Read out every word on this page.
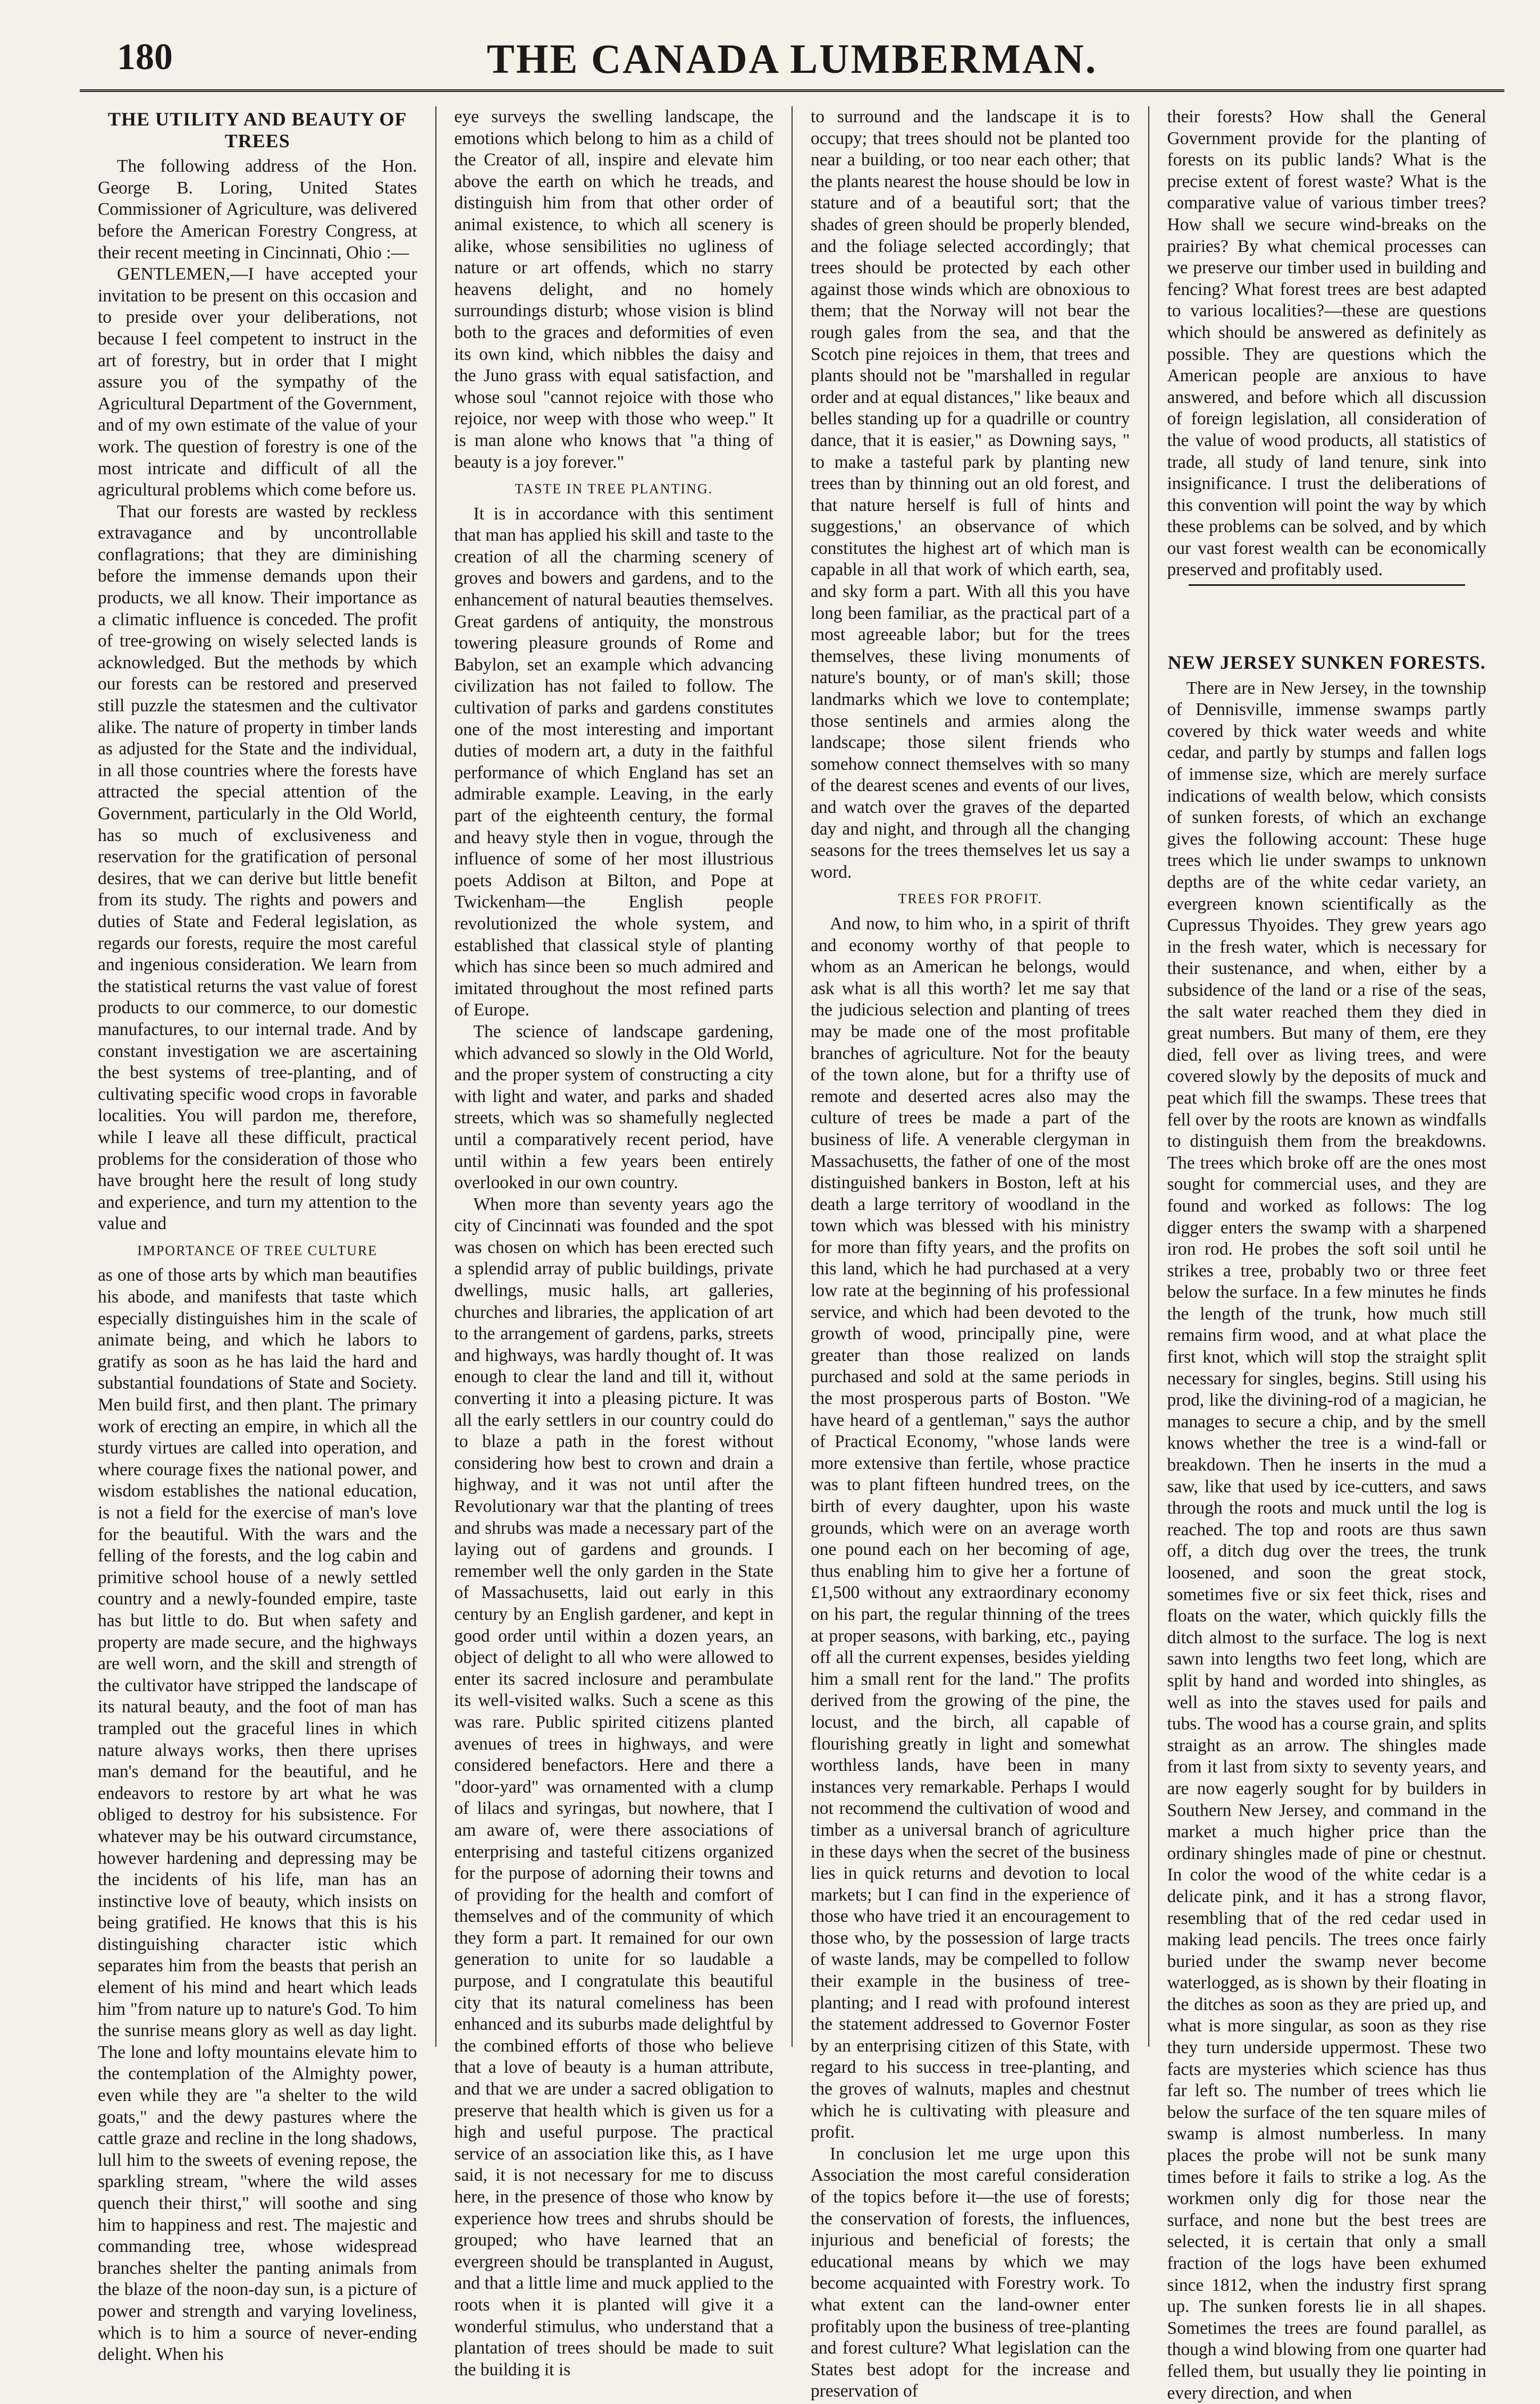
180	THE CANADA LUMBERMAN.
THE UTILITY AND BEAUTY OF TREES

The following address of the Hon. George B. Loring, United States Commissioner of Agriculture, was delivered before the American Forestry Congress, at their recent meeting in Cincinnati, Ohio :—

GENTLEMEN,—I have accepted your invitation to be present on this occasion and to preside over your deliberations, not because I feel competent to instruct in the art of forestry, but in order that I might assure you of the sympathy of the Agricultural Department of the Government, and of my own estimate of the value of your work. The question of forestry is one of the most intricate and difficult of all the agricultural problems which come before us.

That our forests are wasted by reckless extravagance and by uncontrollable conflagrations; that they are diminishing before the immense demands upon their products, we all know. Their importance as a climatic influence is conceded. The profit of tree-growing on wisely selected lands is acknowledged. But the methods by which our forests can be restored and preserved still puzzle the statesmen and the cultivator alike. The nature of property in timber lands as adjusted for the State and the individual, in all those countries where the forests have attracted the special attention of the Government, particularly in the Old World, has so much of exclusiveness and reservation for the gratification of personal desires, that we can derive but little benefit from its study. The rights and powers and duties of State and Federal legislation, as regards our forests, require the most careful and ingenious consideration. We learn from the statistical returns the vast value of forest products to our commerce, to our domestic manufactures, to our internal trade. And by constant investigation we are ascertaining the best systems of tree-planting, and of cultivating specific wood crops in favorable localities. You will pardon me, therefore, while I leave all these difficult, practical problems for the consideration of those who have brought here the result of long study and experience, and turn my attention to the value and

IMPORTANCE OF TREE CULTURE

as one of those arts by which man beautifies his abode, and manifests that taste which especially distinguishes him in the scale of animate being, and which he labors to gratify as soon as he has laid the hard and substantial foundations of State and Society. Men build first, and then plant. The primary work of erecting an empire, in which all the sturdy virtues are called into operation, and where courage fixes the national power, and wisdom establishes the national education, is not a field for the exercise of man's love for the beautiful. With the wars and the felling of the forests, and the log cabin and primitive school house of a newly settled country and a newly-founded empire, taste has but little to do. But when safety and property are made secure, and the highways are well worn, and the skill and strength of the cultivator have stripped the landscape of its natural beauty, and the foot of man has trampled out the graceful lines in which nature always works, then there uprises man's demand for the beautiful, and he endeavors to restore by art what he was obliged to destroy for his subsistence. For whatever may be his outward circumstance, however hardening and depressing may be the incidents of his life, man has an instinctive love of beauty, which insists on being gratified. He knows that this is his distinguishing character istic which separates him from the beasts that perish an element of his mind and heart which leads him "from nature up to nature's God. To him the sunrise means glory as well as day light. The lone and lofty mountains elevate him to the contemplation of the Almighty power, even while they are "a shelter to the wild goats," and the dewy pastures where the cattle graze and recline in the long shadows, lull him to the sweets of evening repose, the sparkling stream, "where the wild asses quench their thirst," will soothe and sing him to happiness and rest. The majestic and commanding tree, whose widespread branches shelter the panting animals from the blaze of the noon-day sun, is a picture of power and strength and varying loveliness, which is to him a source of never-ending delight. When his

eye surveys the swelling landscape, the emotions which belong to him as a child of the Creator of all, inspire and elevate him above the earth on which he treads, and distinguish him from that other order of animal existence, to which all scenery is alike, whose sensibilities no ugliness of nature or art offends, which no starry heavens delight, and no homely surroundings disturb; whose vision is blind both to the graces and deformities of even its own kind, which nibbles the daisy and the Juno grass with equal satisfaction, and whose soul "cannot rejoice with those who rejoice, nor weep with those who weep." It is man alone who knows that "a thing of beauty is a joy forever."

TASTE IN TREE PLANTING.

It is in accordance with this sentiment that man has applied his skill and taste to the creation of all the charming scenery of groves and bowers and gardens, and to the enhancement of natural beauties themselves. Great gardens of antiquity, the monstrous towering pleasure grounds of Rome and Babylon, set an example which advancing civilization has not failed to follow. The cultivation of parks and gardens constitutes one of the most interesting and important duties of modern art, a duty in the faithful performance of which England has set an admirable example. Leaving, in the early part of the eighteenth century, the formal and heavy style then in vogue, through the influence of some of her most illustrious poets Addison at Bilton, and Pope at Twickenham—the English people revolutionized the whole system, and established that classical style of planting which has since been so much admired and imitated throughout the most refined parts of Europe.

The science of landscape gardening, which advanced so slowly in the Old World, and the proper system of constructing a city with light and water, and parks and shaded streets, which was so shamefully neglected until a comparatively recent period, have until within a few years been entirely overlooked in our own country.

When more than seventy years ago the city of Cincinnati was founded and the spot was chosen on which has been erected such a splendid array of public buildings, private dwellings, music halls, art galleries, churches and libraries, the application of art to the arrangement of gardens, parks, streets and highways, was hardly thought of. It was enough to clear the land and till it, without converting it into a pleasing picture. It was all the early settlers in our country could do to blaze a path in the forest without considering how best to crown and drain a highway, and it was not until after the Revolutionary war that the planting of trees and shrubs was made a necessary part of the laying out of gardens and grounds. I remember well the only garden in the State of Massachusetts, laid out early in this century by an English gardener, and kept in good order until within a dozen years, an object of delight to all who were allowed to enter its sacred inclosure and perambulate its well-visited walks. Such a scene as this was rare. Public spirited citizens planted avenues of trees in highways, and were considered benefactors. Here and there a "door-yard" was ornamented with a clump of lilacs and syringas, but nowhere, that I am aware of, were there associations of enterprising and tasteful citizens organized for the purpose of adorning their towns and of providing for the health and comfort of themselves and of the community of which they form a part. It remained for our own generation to unite for so laudable a purpose, and I congratulate this beautiful city that its natural comeliness has been enhanced and its suburbs made delightful by the combined efforts of those who believe that a love of beauty is a human attribute, and that we are under a sacred obligation to preserve that health which is given us for a high and useful purpose. The practical service of an association like this, as I have said, it is not necessary for me to discuss here, in the presence of those who know by experience how trees and shrubs should be grouped; who have learned that an evergreen should be transplanted in August, and that a little lime and muck applied to the roots when it is planted will give it a wonderful stimulus, who understand that a plantation of trees should be made to suit the building it is

to surround and the landscape it is to occupy; that trees should not be planted too near a building, or too near each other; that the plants nearest the house should be low in stature and of a beautiful sort; that the shades of green should be properly blended, and the foliage selected accordingly; that trees should be protected by each other against those winds which are obnoxious to them; that the Norway will not bear the rough gales from the sea, and that the Scotch pine rejoices in them, that trees and plants should not be "marshalled in regular order and at equal distances," like beaux and belles standing up for a quadrille or country dance, that it is easier," as Downing says, " to make a tasteful park by planting new trees than by thinning out an old forest, and that nature herself is full of hints and suggestions,' an observance of which constitutes the highest art of which man is capable in all that work of which earth, sea, and sky form a part. With all this you have long been familiar, as the practical part of a most agreeable labor; but for the trees themselves, these living monuments of nature's bounty, or of man's skill; those landmarks which we love to contemplate; those sentinels and armies along the landscape; those silent friends who somehow connect themselves with so many of the dearest scenes and events of our lives, and watch over the graves of the departed day and night, and through all the changing seasons for the trees themselves let us say a word.

TREES FOR PROFIT.

And now, to him who, in a spirit of thrift and economy worthy of that people to whom as an American he belongs, would ask what is all this worth? let me say that the judicious selection and planting of trees may be made one of the most profitable branches of agriculture. Not for the beauty of the town alone, but for a thrifty use of remote and deserted acres also may the culture of trees be made a part of the business of life. A venerable clergyman in Massachusetts, the father of one of the most distinguished bankers in Boston, left at his death a large territory of woodland in the town which was blessed with his ministry for more than fifty years, and the profits on this land, which he had purchased at a very low rate at the beginning of his professional service, and which had been devoted to the growth of wood, principally pine, were greater than those realized on lands purchased and sold at the same periods in the most prosperous parts of Boston. "We have heard of a gentleman," says the author of Practical Economy, "whose lands were more extensive than fertile, whose practice was to plant fifteen hundred trees, on the birth of every daughter, upon his waste grounds, which were on an average worth one pound each on her becoming of age, thus enabling him to give her a fortune of £1,500 without any extraordinary economy on his part, the regular thinning of the trees at proper seasons, with barking, etc., paying off all the current expenses, besides yielding him a small rent for the land." The profits derived from the growing of the pine, the locust, and the birch, all capable of flourishing greatly in light and somewhat worthless lands, have been in many instances very remarkable. Perhaps I would not recommend the cultivation of wood and timber as a universal branch of agriculture in these days when the secret of the business lies in quick returns and devotion to local markets; but I can find in the experience of those who have tried it an encouragement to those who, by the possession of large tracts of waste lands, may be compelled to follow their example in the business of tree-planting; and I read with profound interest the statement addressed to Governor Foster by an enterprising citizen of this State, with regard to his success in tree-planting, and the groves of walnuts, maples and chestnut which he is cultivating with pleasure and profit.

In conclusion let me urge upon this Association the most careful consideration of the topics before it—the use of forests; the conservation of forests, the influences, injurious and beneficial of forests; the educational means by which we may become acquainted with Forestry work. To what extent can the land-owner enter profitably upon the business of tree-planting and forest culture? What legislation can the States best adopt for the increase and preservation of

their forests? How shall the General Government provide for the planting of forests on its public lands? What is the precise extent of forest waste? What is the comparative value of various timber trees? How shall we secure wind-breaks on the prairies? By what chemical processes can we preserve our timber used in building and fencing? What forest trees are best adapted to various localities?—these are questions which should be answered as definitely as possible. They are questions which the American people are anxious to have answered, and before which all discussion of foreign legislation, all consideration of the value of wood products, all statistics of trade, all study of land tenure, sink into insignificance. I trust the deliberations of this convention will point the way by which these problems can be solved, and by which our vast forest wealth can be economically preserved and profitably used.

NEW JERSEY SUNKEN FORESTS.

There are in New Jersey, in the township of Dennisville, immense swamps partly covered by thick water weeds and white cedar, and partly by stumps and fallen logs of immense size, which are merely surface indications of wealth below, which consists of sunken forests, of which an exchange gives the following account: These huge trees which lie under swamps to unknown depths are of the white cedar variety, an evergreen known scientifically as the Cupressus Thyoides. They grew years ago in the fresh water, which is necessary for their sustenance, and when, either by a subsidence of the land or a rise of the seas, the salt water reached them they died in great numbers. But many of them, ere they died, fell over as living trees, and were covered slowly by the deposits of muck and peat which fill the swamps. These trees that fell over by the roots are known as windfalls to distinguish them from the breakdowns. The trees which broke off are the ones most sought for commercial uses, and they are found and worked as follows: The log digger enters the swamp with a sharpened iron rod. He probes the soft soil until he strikes a tree, probably two or three feet below the surface. In a few minutes he finds the length of the trunk, how much still remains firm wood, and at what place the first knot, which will stop the straight split necessary for singles, begins. Still using his prod, like the divining-rod of a magician, he manages to secure a chip, and by the smell knows whether the tree is a wind-fall or breakdown. Then he inserts in the mud a saw, like that used by ice-cutters, and saws through the roots and muck until the log is reached. The top and roots are thus sawn off, a ditch dug over the trees, the trunk loosened, and soon the great stock, sometimes five or six feet thick, rises and floats on the water, which quickly fills the ditch almost to the surface. The log is next sawn into lengths two feet long, which are split by hand and worded into shingles, as well as into the staves used for pails and tubs. The wood has a course grain, and splits straight as an arrow. The shingles made from it last from sixty to seventy years, and are now eagerly sought for by builders in Southern New Jersey, and command in the market a much higher price than the ordinary shingles made of pine or chestnut. In color the wood of the white cedar is a delicate pink, and it has a strong flavor, resembling that of the red cedar used in making lead pencils. The trees once fairly buried under the swamp never become waterlogged, as is shown by their floating in the ditches as soon as they are pried up, and what is more singular, as soon as they rise they turn underside uppermost. These two facts are mysteries which science has thus far left so. The number of trees which lie below the surface of the ten square miles of swamp is almost numberless. In many places the probe will not be sunk many times before it fails to strike a log. As the workmen only dig for those near the surface, and none but the best trees are selected, it is certain that only a small fraction of the logs have been exhumed since 1812, when the industry first sprang up. The sunken forests lie in all shapes. Sometimes the trees are found parallel, as though a wind blowing from one quarter had felled them, but usually they lie pointing in every direction, and when
